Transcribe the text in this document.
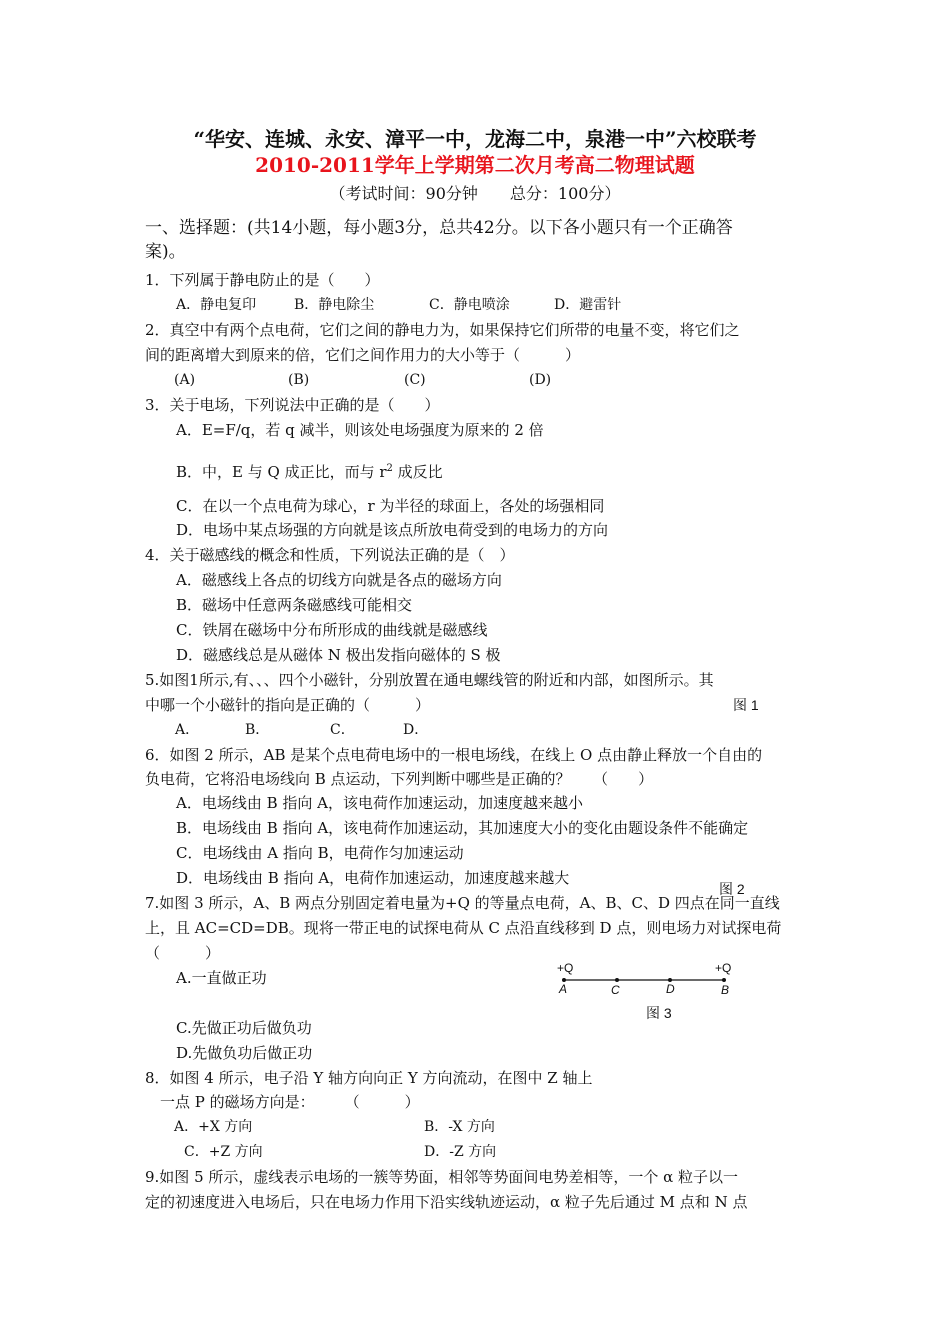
“华安、连城、永安、漳平一中，龙海二中，泉港一中”六校联考
2010-2011学年上学期第二次月考高二物理试题
（考试时间：90分钟　　总分：100分）
一、选择题：(共14小题，每小题3分，总共42分。以下各小题只有一个正确答
案)。
1．下列属于静电防止的是（　　）
A．静电复印	B．静电除尘	C．静电喷涂	D．避雷针
2．真空中有两个点电荷，它们之间的静电力为，如果保持它们所带的电量不变，将它们之
间的距离增大到原来的倍，它们之间作用力的大小等于（　　　）
(A)	(B)	(C)	(D)
3．关于电场，下列说法中正确的是（　　）
A．E=F/q，若 q 减半，则该处电场强度为原来的 2 倍
B．中，E 与 Q 成正比，而与 $r^2$ 成反比
C．在以一个点电荷为球心，r 为半径的球面上，各处的场强相同
D．电场中某点场强的方向就是该点所放电荷受到的电场力的方向
4．关于磁感线的概念和性质，下列说法正确的是（　）
A．磁感线上各点的切线方向就是各点的磁场方向
B．磁场中任意两条磁感线可能相交
C．铁屑在磁场中分布所形成的曲线就是磁感线
D．磁感线总是从磁体 N 极出发指向磁体的 S 极
5.如图1所示,有、、、四个小磁针，分别放置在通电螺线管的附近和内部，如图所示。其
中哪一个小磁针的指向是正确的（　　　）	图 1
A．	B．	C．	D．
6．如图 2 所示，AB 是某个点电荷电场中的一根电场线，在线上 O 点由静止释放一个自由的
负电荷，它将沿电场线向 B 点运动，下列判断中哪些是正确的？　　（　　）
A．电场线由 B 指向 A，该电荷作加速运动，加速度越来越小
B．电场线由 B 指向 A，该电荷作加速运动，其加速度大小的变化由题设条件不能确定
C．电场线由 A 指向 B，电荷作匀加速运动
D．电场线由 B 指向 A，电荷作加速运动，加速度越来越大
图 2
7.如图 3 所示，A、B 两点分别固定着电量为+Q 的等量点电荷，A、B、C、D 四点在同一直线
上，且 AC=CD=DB。现将一带正电的试探电荷从 C 点沿直线移到 D 点，则电场力对试探电荷
（　　　）
A.一直做正功
+Q	+Q
A	C	D	B
图 3
C.先做正功后做负功
D.先做负功后做正功
8．如图 4 所示，电子沿 Y 轴方向向正 Y 方向流动，在图中 Z 轴上
一点 P 的磁场方向是：　　　（　　　）
A．+X 方向	B．-X 方向
C．+Z 方向	D．-Z 方向
9.如图 5 所示，虚线表示电场的一簇等势面，相邻等势面间电势差相等，一个 α 粒子以一
定的初速度进入电场后，只在电场力作用下沿实线轨迹运动，α 粒子先后通过 M 点和 N 点
